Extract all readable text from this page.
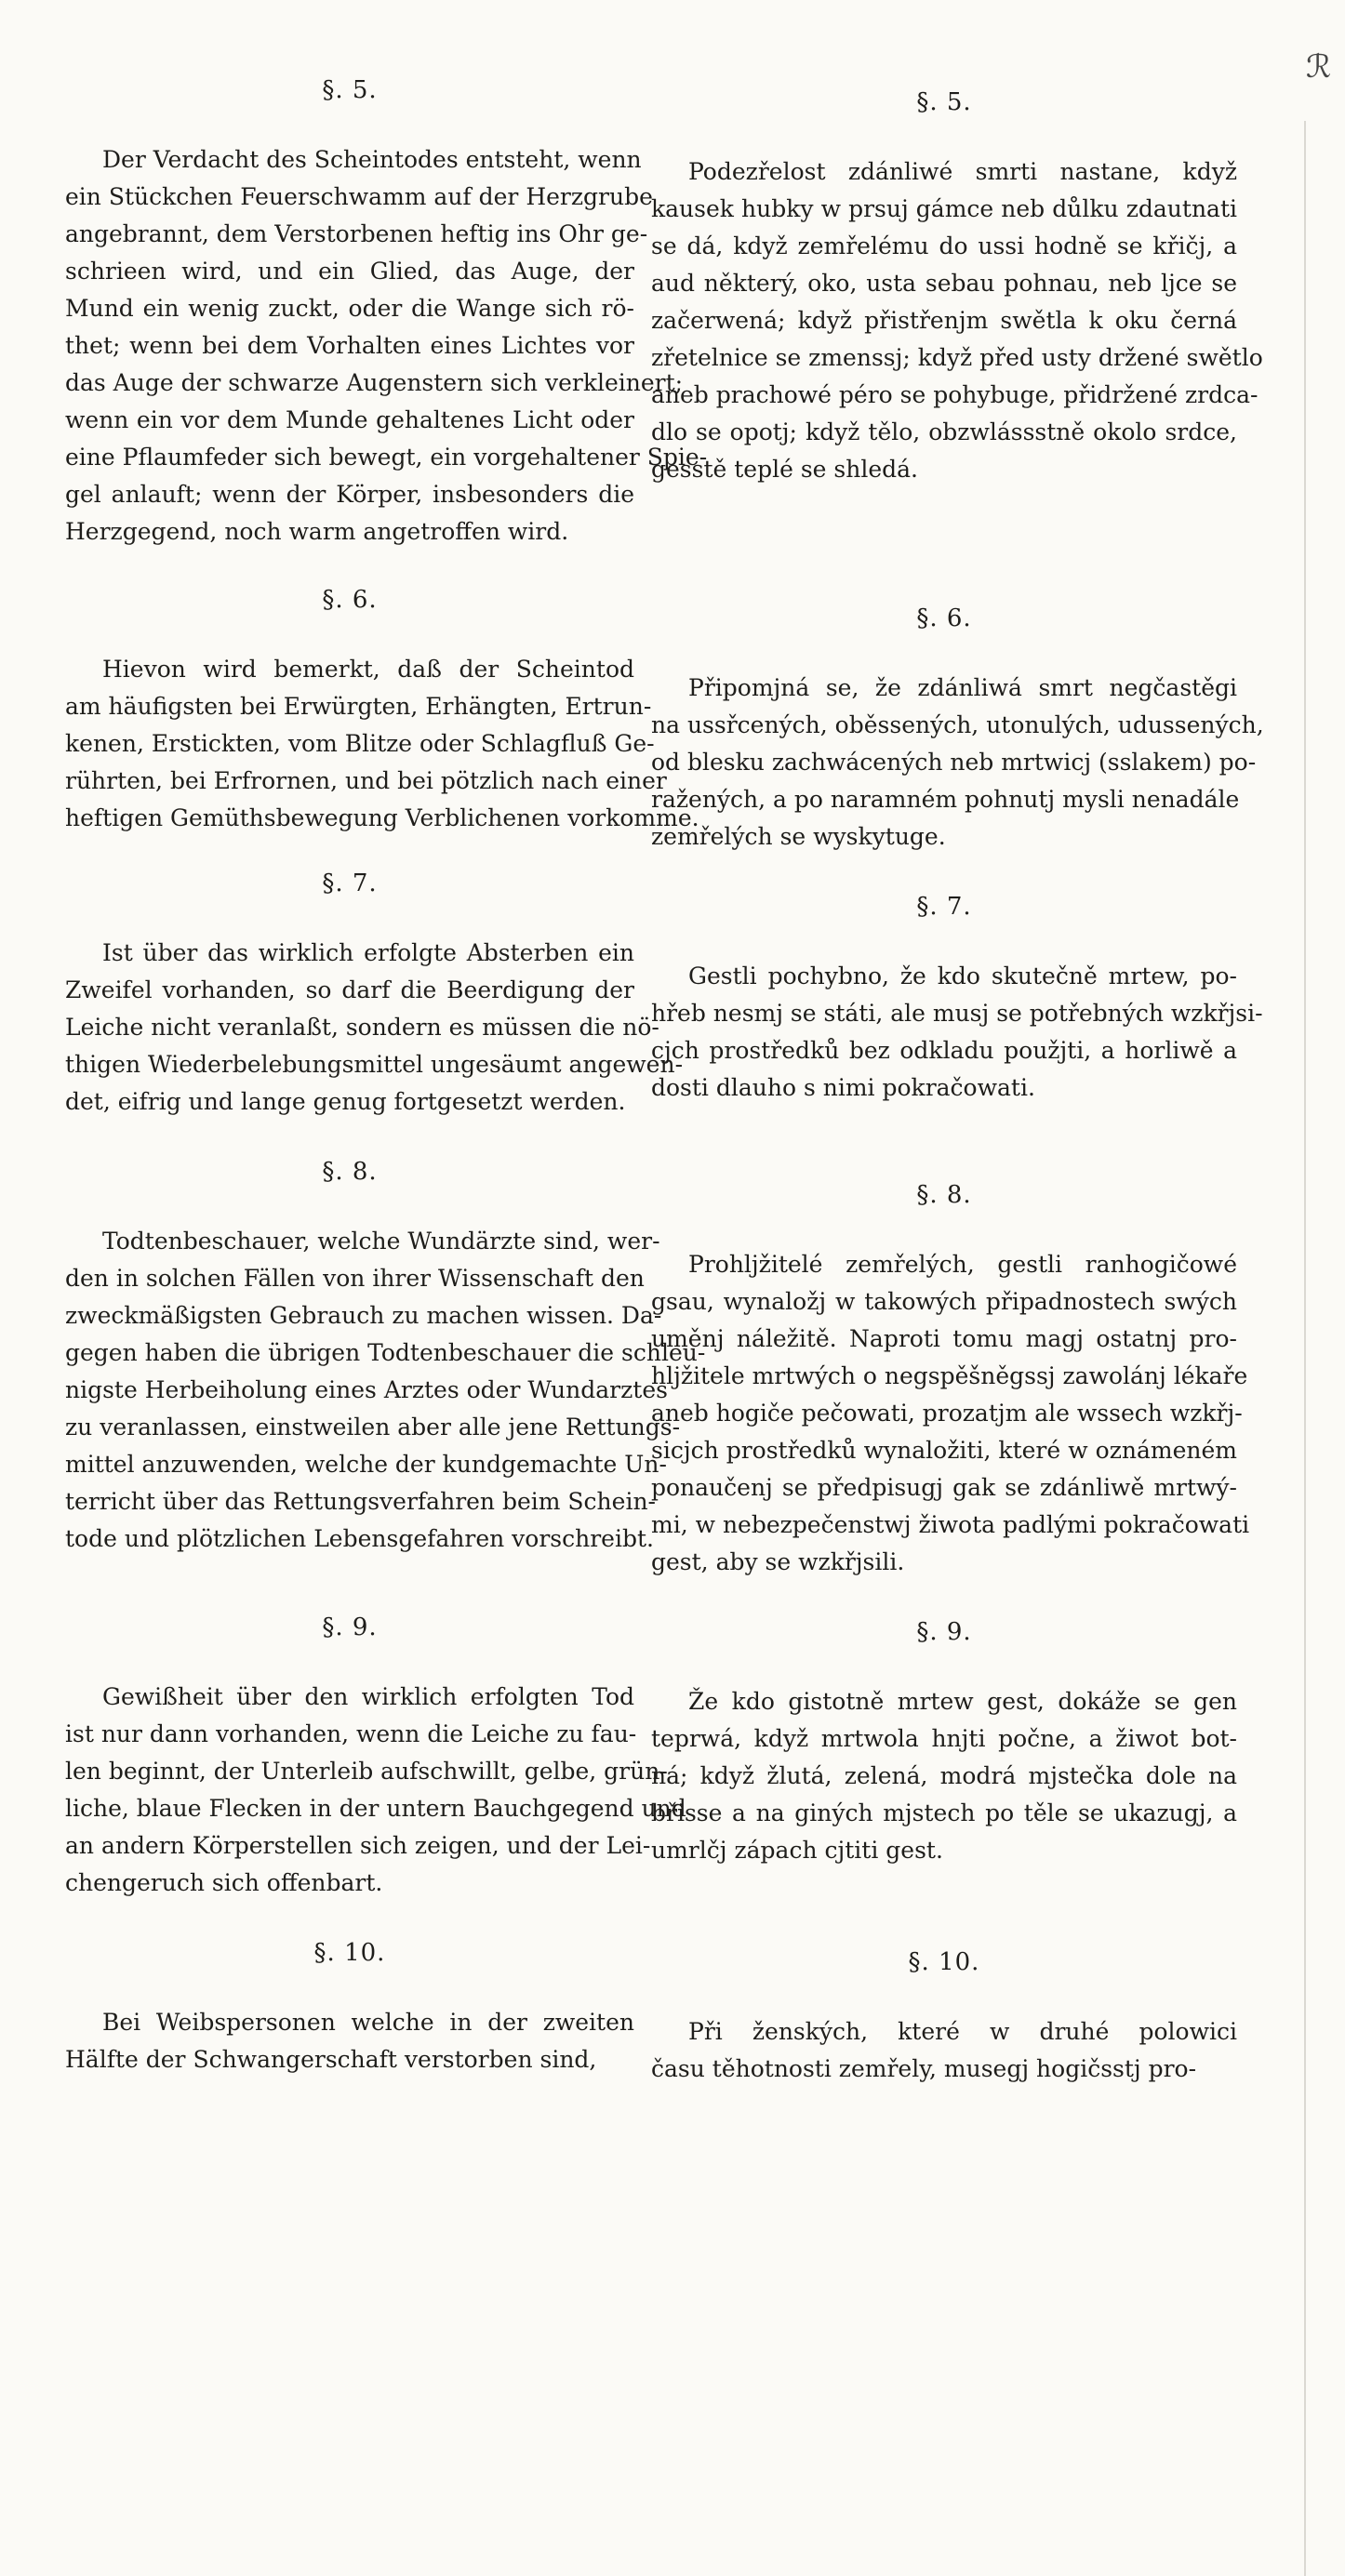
ℛ
§. 5.
Der Verdacht des Scheintodes entsteht, wenn
ein Stückchen Feuerschwamm auf der Herzgrube
angebrannt, dem Verstorbenen heftig ins Ohr ge-
schrieen wird, und ein Glied, das Auge, der
Mund ein wenig zuckt, oder die Wange sich rö-
thet; wenn bei dem Vorhalten eines Lichtes vor
das Auge der schwarze Augenstern sich verkleinert;
wenn ein vor dem Munde gehaltenes Licht oder
eine Pflaumfeder sich bewegt, ein vorgehaltener Spie-
gel anlauft; wenn der Körper, insbesonders die
Herzgegend, noch warm angetroffen wird.
§. 6.
Hievon wird bemerkt, daß der Scheintod
am häufigsten bei Erwürgten, Erhängten, Ertrun-
kenen, Erstickten, vom Blitze oder Schlagfluß Ge-
rührten, bei Erfrornen, und bei pötzlich nach einer
heftigen Gemüthsbewegung Verblichenen vorkomme.
§. 7.
Ist über das wirklich erfolgte Absterben ein
Zweifel vorhanden, so darf die Beerdigung der
Leiche nicht veranlaßt, sondern es müssen die nö-
thigen Wiederbelebungsmittel ungesäumt angewen-
det, eifrig und lange genug fortgesetzt werden.
§. 8.
Todtenbeschauer, welche Wundärzte sind, wer-
den in solchen Fällen von ihrer Wissenschaft den
zweckmäßigsten Gebrauch zu machen wissen. Da-
gegen haben die übrigen Todtenbeschauer die schleu-
nigste Herbeiholung eines Arztes oder Wundarztes
zu veranlassen, einstweilen aber alle jene Rettungs-
mittel anzuwenden, welche der kundgemachte Un-
terricht über das Rettungsverfahren beim Schein-
tode und plötzlichen Lebensgefahren vorschreibt.
§. 9.
Gewißheit über den wirklich erfolgten Tod
ist nur dann vorhanden, wenn die Leiche zu fau-
len beginnt, der Unterleib aufschwillt, gelbe, grün-
liche, blaue Flecken in der untern Bauchgegend und
an andern Körperstellen sich zeigen, und der Lei-
chengeruch sich offenbart.
§. 10.
Bei Weibspersonen welche in der zweiten
Hälfte der Schwangerschaft verstorben sind,
§. 5.
Podezřelost zdánliwé smrti nastane, když
kausek hubky w prsuj gámce neb důlku zdautnati
se dá, když zemřelému do ussi hodně se křičj, a
aud některý, oko, usta sebau pohnau, neb ljce se
začerwená; když přistřenjm swětla k oku černá
zřetelnice se zmenssj; když před usty držené swětlo
aneb prachowé péro se pohybuge, přidržené zrdca-
dlo se opotj; když tělo, obzwlássstně okolo srdce,
gesstě teplé se shledá.
§. 6.
Připomjná se, že zdánliwá smrt negčastěgi
na ussřcených, oběssených, utonulých, udussených,
od blesku zachwácených neb mrtwicj (sslakem) po-
ražených, a po naramném pohnutj mysli nenadále
zemřelých se wyskytuge.
§. 7.
Gestli pochybno, že kdo skutečně mrtew, po-
hřeb nesmj se státi, ale musj se potřebných wzkřjsi-
cjch prostředků bez odkladu použjti, a horliwě a
dosti dlauho s nimi pokračowati.
§. 8.
Prohljžitelé zemřelých, gestli ranhogičowé
gsau, wynaložj w takowých připadnostech swých
uměnj náležitě. Naproti tomu magj ostatnj pro-
hljžitele mrtwých o negspěšněgssj zawolánj lékaře
aneb hogiče pečowati, prozatjm ale wssech wzkřj-
sicjch prostředků wynaložiti, které w oznámeném
ponaučenj se předpisugj gak se zdánliwě mrtwý-
mi, w nebezpečenstwj žiwota padlými pokračowati
gest, aby se wzkřjsili.
§. 9.
Že kdo gistotně mrtew gest, dokáže se gen
teprwá, když mrtwola hnjti počne, a žiwot bot-
ná; když žlutá, zelená, modrá mjstečka dole na
břisse a na giných mjstech po těle se ukazugj, a
umrlčj zápach cjtiti gest.
§. 10.
Při ženských, které w druhé polowici
času těhotnosti zemřely, musegj hogičsstj pro-
